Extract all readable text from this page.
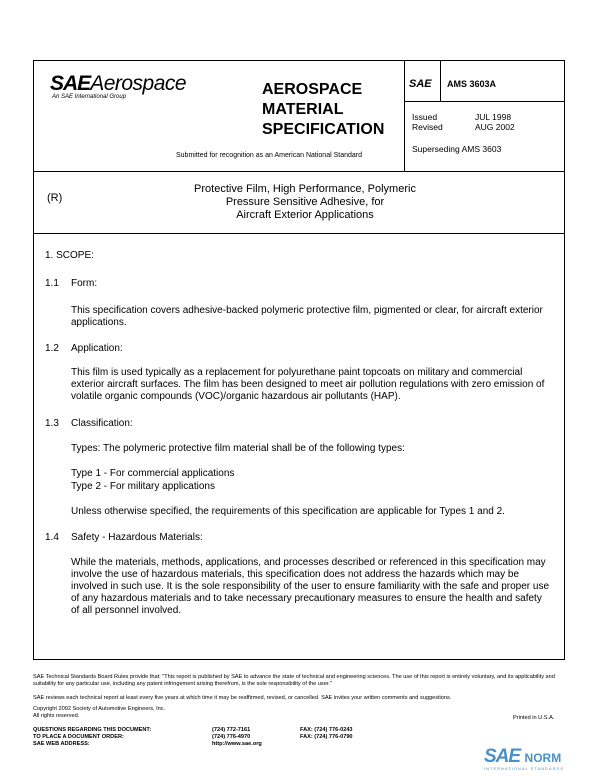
SAEAerospace
An SAE International Group	AEROSPACE
MATERIAL
SPECIFICATION
Submitted for recognition as an American National Standard
SAE AMS 3603A
Issued	JUL 1998
Revised	AUG 2002
Superseding AMS 3603
(R)
Protective Film, High Performance, Polymeric
Pressure Sensitive Adhesive, for
Aircraft Exterior Applications
1. SCOPE:
1.1 Form:
This specification covers adhesive-backed polymeric protective film, pigmented or clear, for aircraft exterior applications.
1.2 Application:
This film is used typically as a replacement for polyurethane paint topcoats on military and commercial exterior aircraft surfaces. The film has been designed to meet air pollution regulations with zero emission of volatile organic compounds (VOC)/organic hazardous air pollutants (HAP).
1.3 Classification:
Types: The polymeric protective film material shall be of the following types:
Type 1 - For commercial applications
Type 2 - For military applications
Unless otherwise specified, the requirements of this specification are applicable for Types 1 and 2.
1.4 Safety - Hazardous Materials:
While the materials, methods, applications, and processes described or referenced in this specification may involve the use of hazardous materials, this specification does not address the hazards which may be involved in such use. It is the sole responsibility of the user to ensure familiarity with the safe and proper use of any hazardous materials and to take necessary precautionary measures to ensure the health and safety of all personnel involved.
SAE Technical Standards Board Rules provide that: "This report is published by SAE to advance the state of technical and engineering sciences. The use of this report is entirely voluntary, and its applicability and suitability for any particular use, including any patent infringement arising therefrom, is the sole responsibility of the user."
SAE reviews each technical report at least every five years at which time it may be reaffirmed, revised, or cancelled. SAE invites your written comments and suggestions.
Copyright 2002 Society of Automotive Engineers, Inc.
All rights reserved.	Printed in U.S.A.
QUESTIONS REGARDING THIS DOCUMENT:	(724) 772-7161	FAX: (724) 776-0243
TO PLACE A DOCUMENT ORDER:	(724) 776-4970	FAX: (724) 776-0790
SAE WEB ADDRESS:	http://www.sae.org
SAE NORM
INTERNATIONAL STANDARDS
